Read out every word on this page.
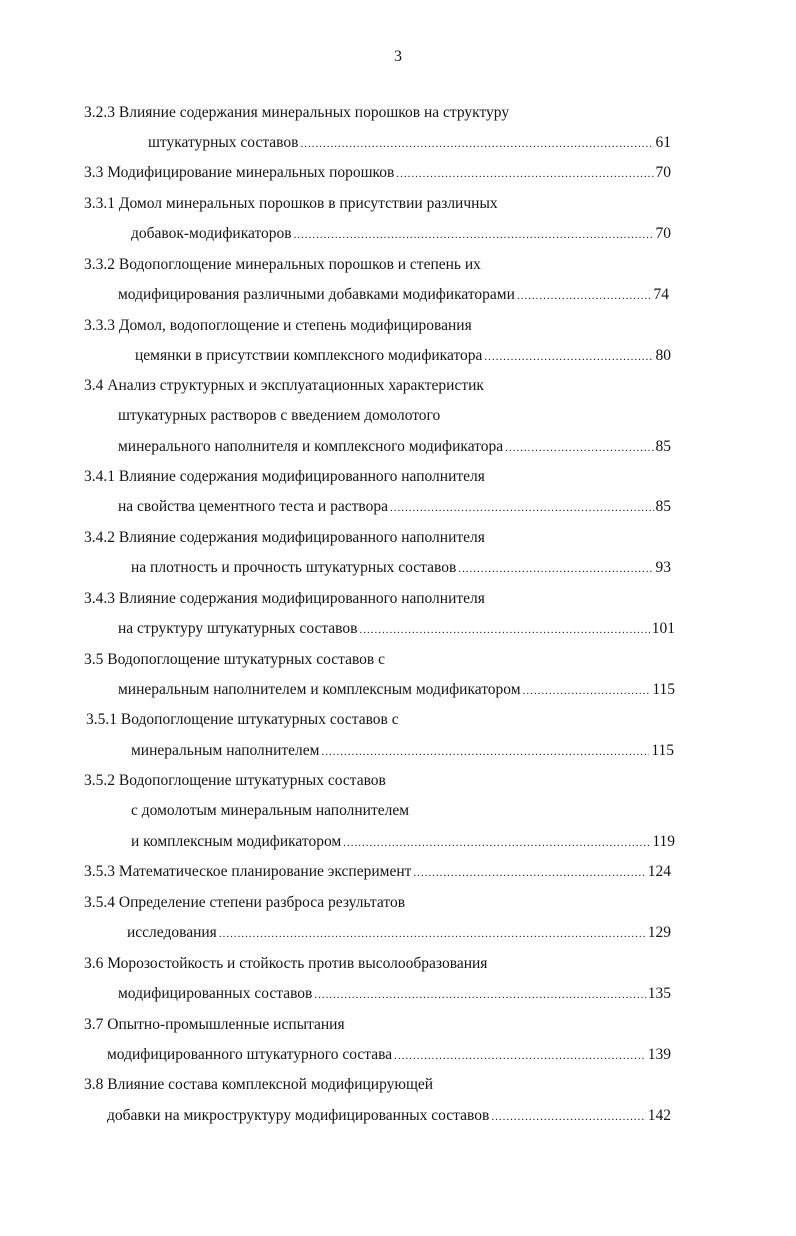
3
3.2.3 Влияние содержания минеральных порошков на структуру
штукатурных составов .....	61
3.3 Модифицирование минеральных порошков .....	70
3.3.1 Домол минеральных порошков в присутствии различных
добавок-модификаторов .....	70
3.3.2 Водопоглощение минеральных порошков и степень их
модифицирования различными добавками модификаторами .....	74
3.3.3 Домол, водопоглощение и степень модифицирования
цемянки в присутствии комплексного модификатора .....	80
3.4 Анализ структурных и эксплуатационных характеристик
штукатурных растворов с введением домолотого
минерального наполнителя и комплексного модификатора .....	85
3.4.1 Влияние содержания модифицированного наполнителя
на свойства цементного теста и раствора .....	85
3.4.2 Влияние содержания модифицированного наполнителя
на плотность и прочность штукатурных составов .....	93
3.4.3 Влияние содержания модифицированного наполнителя
на структуру штукатурных составов .....	101
3.5 Водопоглощение штукатурных составов с
минеральным наполнителем и комплексным модификатором .....	115
3.5.1 Водопоглощение штукатурных составов с
минеральным наполнителем .....	115
3.5.2 Водопоглощение штукатурных составов
с домолотым минеральным наполнителем
и комплексным модификатором .....	119
3.5.3 Математическое планирование эксперимент .....	124
3.5.4 Определение степени разброса результатов
исследования .....	129
3.6 Морозостойкость и стойкость против высолообразования
модифицированных составов .....	135
3.7 Опытно-промышленные испытания
модифицированного штукатурного состава .....	139
3.8 Влияние состава комплексной модифицирующей
добавки на микроструктуру модифицированных составов .....	142
